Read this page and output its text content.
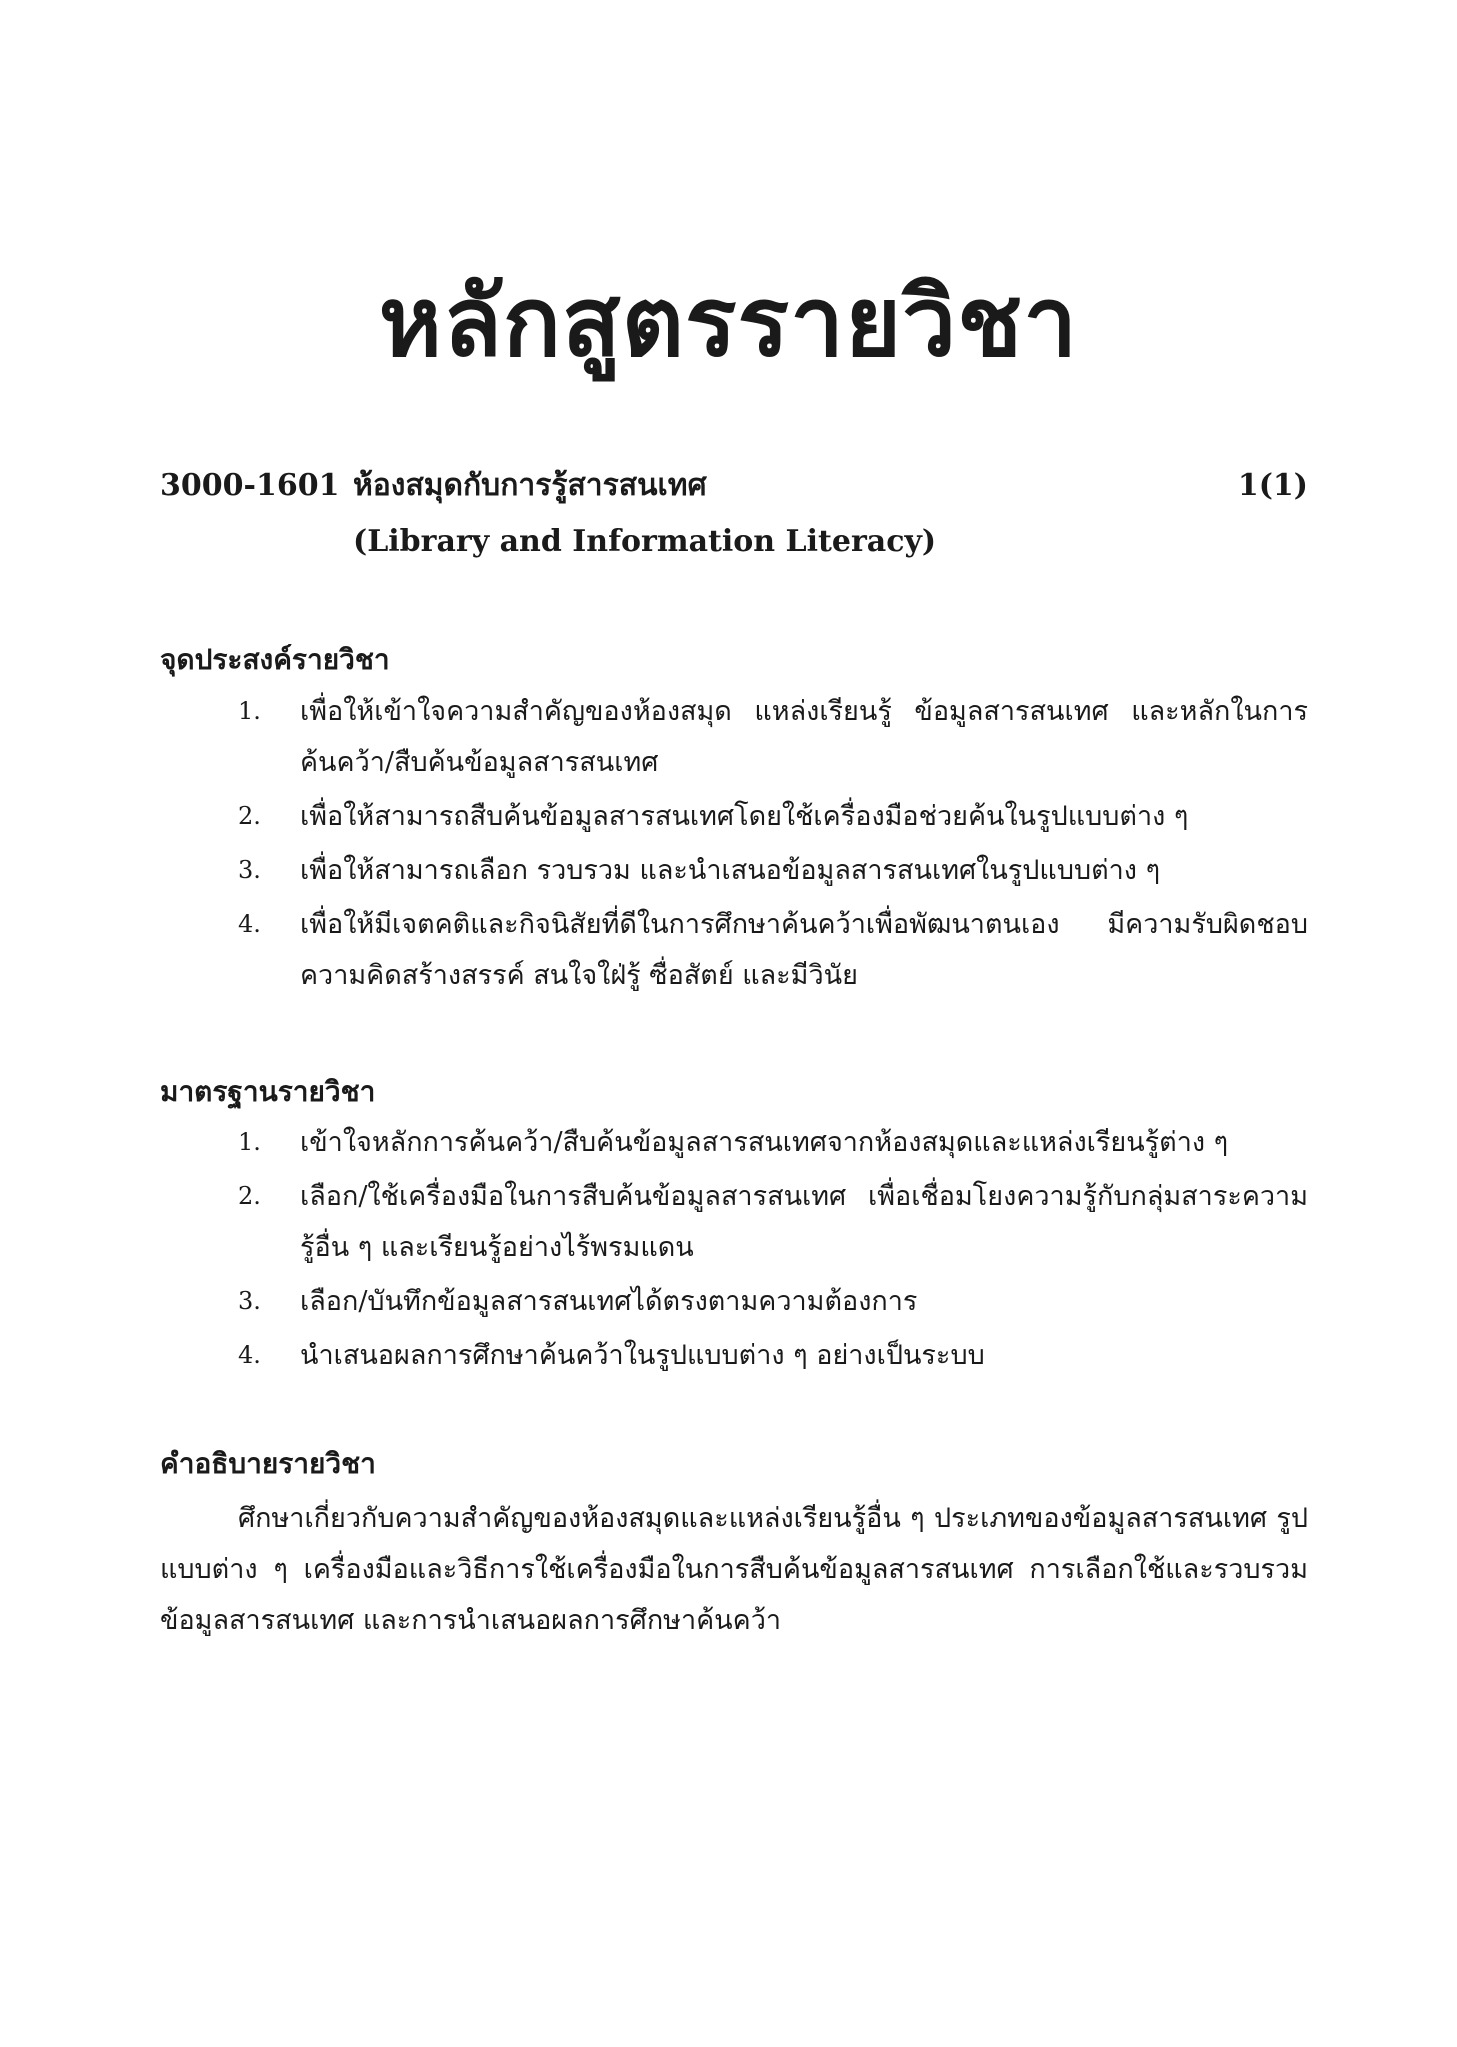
หลักสูตรรายวิชา
3000-1601 ห้องสมุดกับการรู้สารสนเทศ	1(1)
(Library and Information Literacy)
จุดประสงค์รายวิชา
1. เพื่อให้เข้าใจความสำคัญของห้องสมุด แหล่งเรียนรู้ ข้อมูลสารสนเทศ และหลักในการค้นคว้า/สืบค้นข้อมูลสารสนเทศ
2. เพื่อให้สามารถสืบค้นข้อมูลสารสนเทศโดยใช้เครื่องมือช่วยค้นในรูปแบบต่าง ๆ
3. เพื่อให้สามารถเลือก รวบรวม และนำเสนอข้อมูลสารสนเทศในรูปแบบต่าง ๆ
4. เพื่อให้มีเจตคติและกิจนิสัยที่ดีในการศึกษาค้นคว้าเพื่อพัฒนาตนเอง มีความรับผิดชอบ ความคิดสร้างสรรค์ สนใจใฝ่รู้ ซื่อสัตย์ และมีวินัย
มาตรฐานรายวิชา
1. เข้าใจหลักการค้นคว้า/สืบค้นข้อมูลสารสนเทศจากห้องสมุดและแหล่งเรียนรู้ต่าง ๆ
2. เลือก/ใช้เครื่องมือในการสืบค้นข้อมูลสารสนเทศ เพื่อเชื่อมโยงความรู้กับกลุ่มสาระความรู้อื่น ๆ และเรียนรู้อย่างไร้พรมแดน
3. เลือก/บันทึกข้อมูลสารสนเทศได้ตรงตามความต้องการ
4. นำเสนอผลการศึกษาค้นคว้าในรูปแบบต่าง ๆ อย่างเป็นระบบ
คำอธิบายรายวิชา

ศึกษาเกี่ยวกับความสำคัญของห้องสมุดและแหล่งเรียนรู้อื่น ๆ ประเภทของข้อมูลสารสนเทศ รูปแบบต่าง ๆ เครื่องมือและวิธีการใช้เครื่องมือในการสืบค้นข้อมูลสารสนเทศ การเลือกใช้และรวบรวมข้อมูลสารสนเทศ และการนำเสนอผลการศึกษาค้นคว้า
